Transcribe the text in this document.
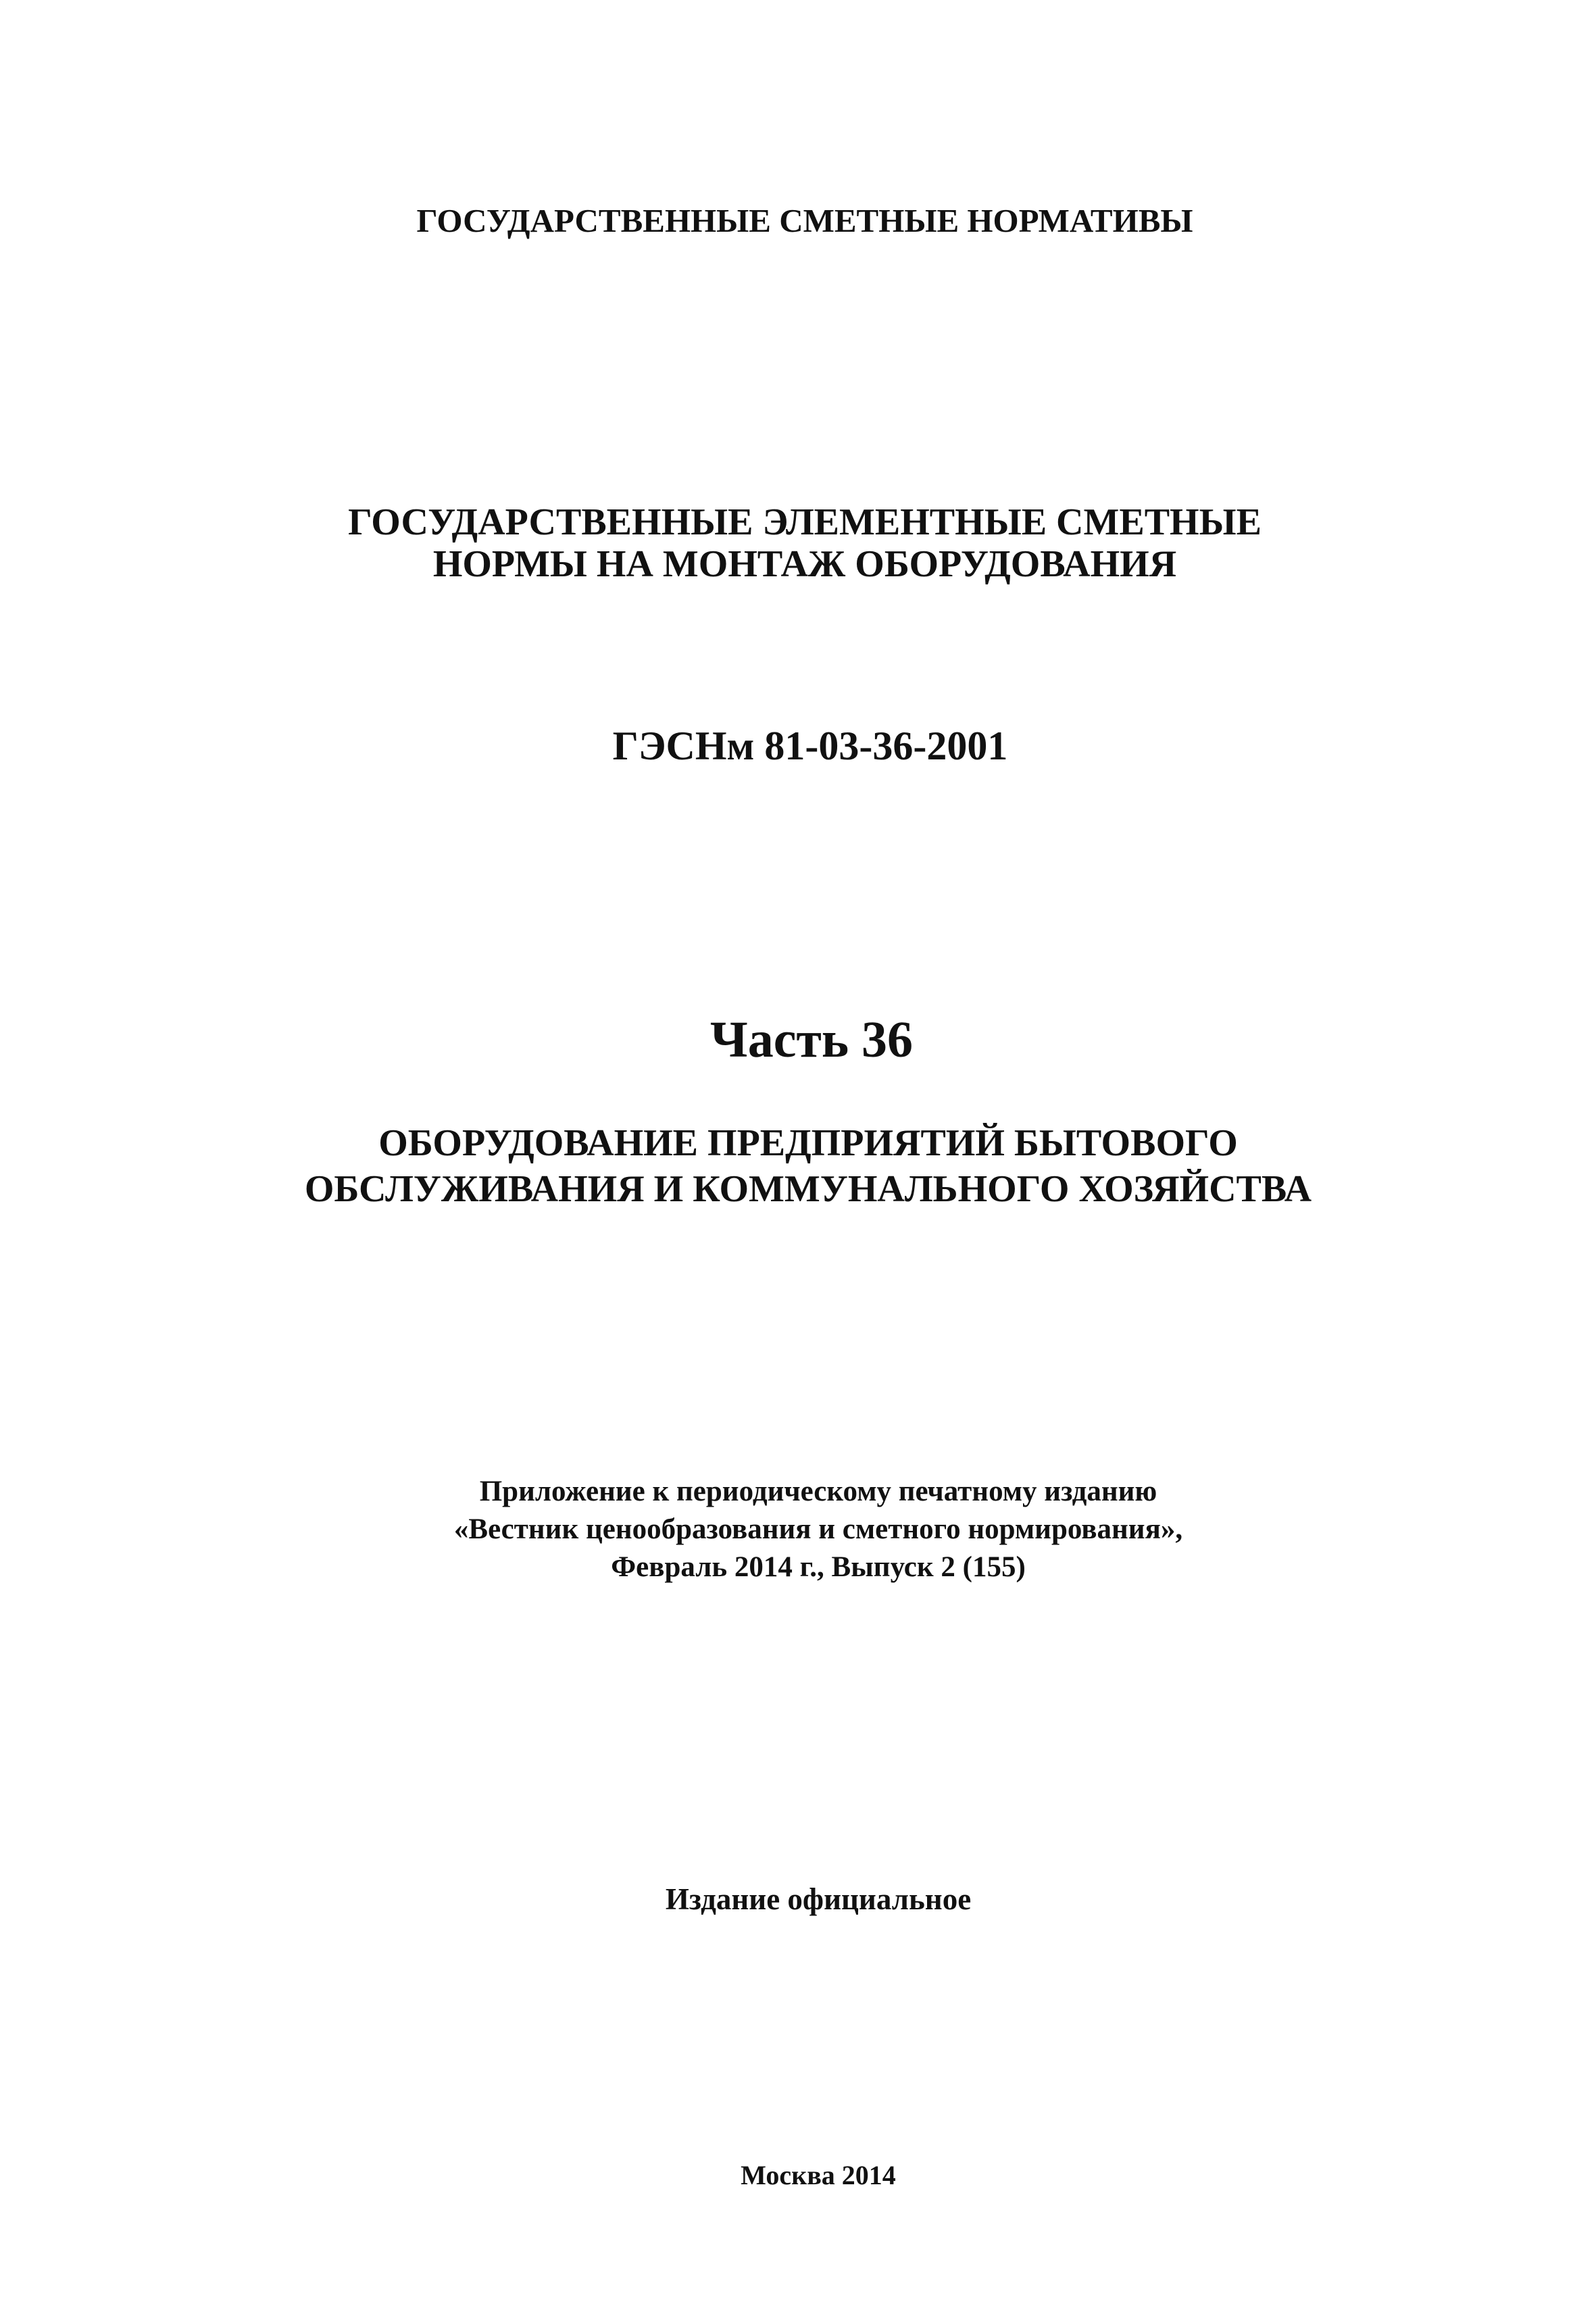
ГОСУДАРСТВЕННЫЕ СМЕТНЫЕ НОРМАТИВЫ

ГОСУДАРСТВЕННЫЕ ЭЛЕМЕНТНЫЕ СМЕТНЫЕ
НОРМЫ НА МОНТАЖ ОБОРУДОВАНИЯ

ГЭСНм 81-03-36-2001

Часть 36

ОБОРУДОВАНИЕ ПРЕДПРИЯТИЙ БЫТОВОГО
ОБСЛУЖИВАНИЯ И КОММУНАЛЬНОГО ХОЗЯЙСТВА
Приложение к периодическому печатному изданию
«Вестник ценообразования и сметного нормирования»,
Февраль 2014 г., Выпуск 2 (155)

Издание официальное

Москва 2014
